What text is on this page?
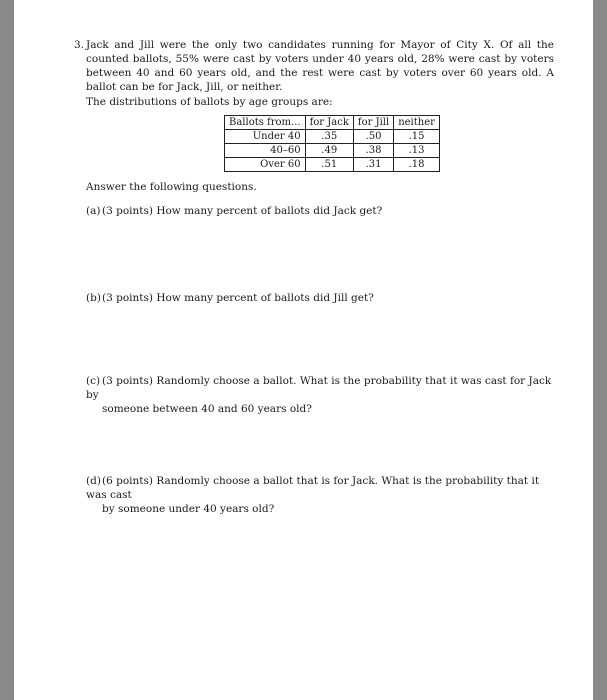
3. Jack and Jill were the only two candidates running for Mayor of City X. Of all the counted ballots, 55% were cast by voters under 40 years old, 28% were cast by voters between 40 and 60 years old, and the rest were cast by voters over 60 years old. A ballot can be for Jack, Jill, or neither.

The distributions of ballots by age groups are:

Ballots from...	for Jack	for Jill	neither
Under 40	.35	.50	.15
40–60	.49	.38	.13
Over 60	.51	.31	.18
Answer the following questions.
(a) (3 points) How many percent of ballots did Jack get?
(b)(3 points) How many percent of ballots did Jill get?
(c) (3 points) Randomly choose a ballot. What is the probability that it was cast for Jack by
someone between 40 and 60 years old?
(d)(6 points) Randomly choose a ballot that is for Jack. What is the probability that it was cast
by someone under 40 years old?
